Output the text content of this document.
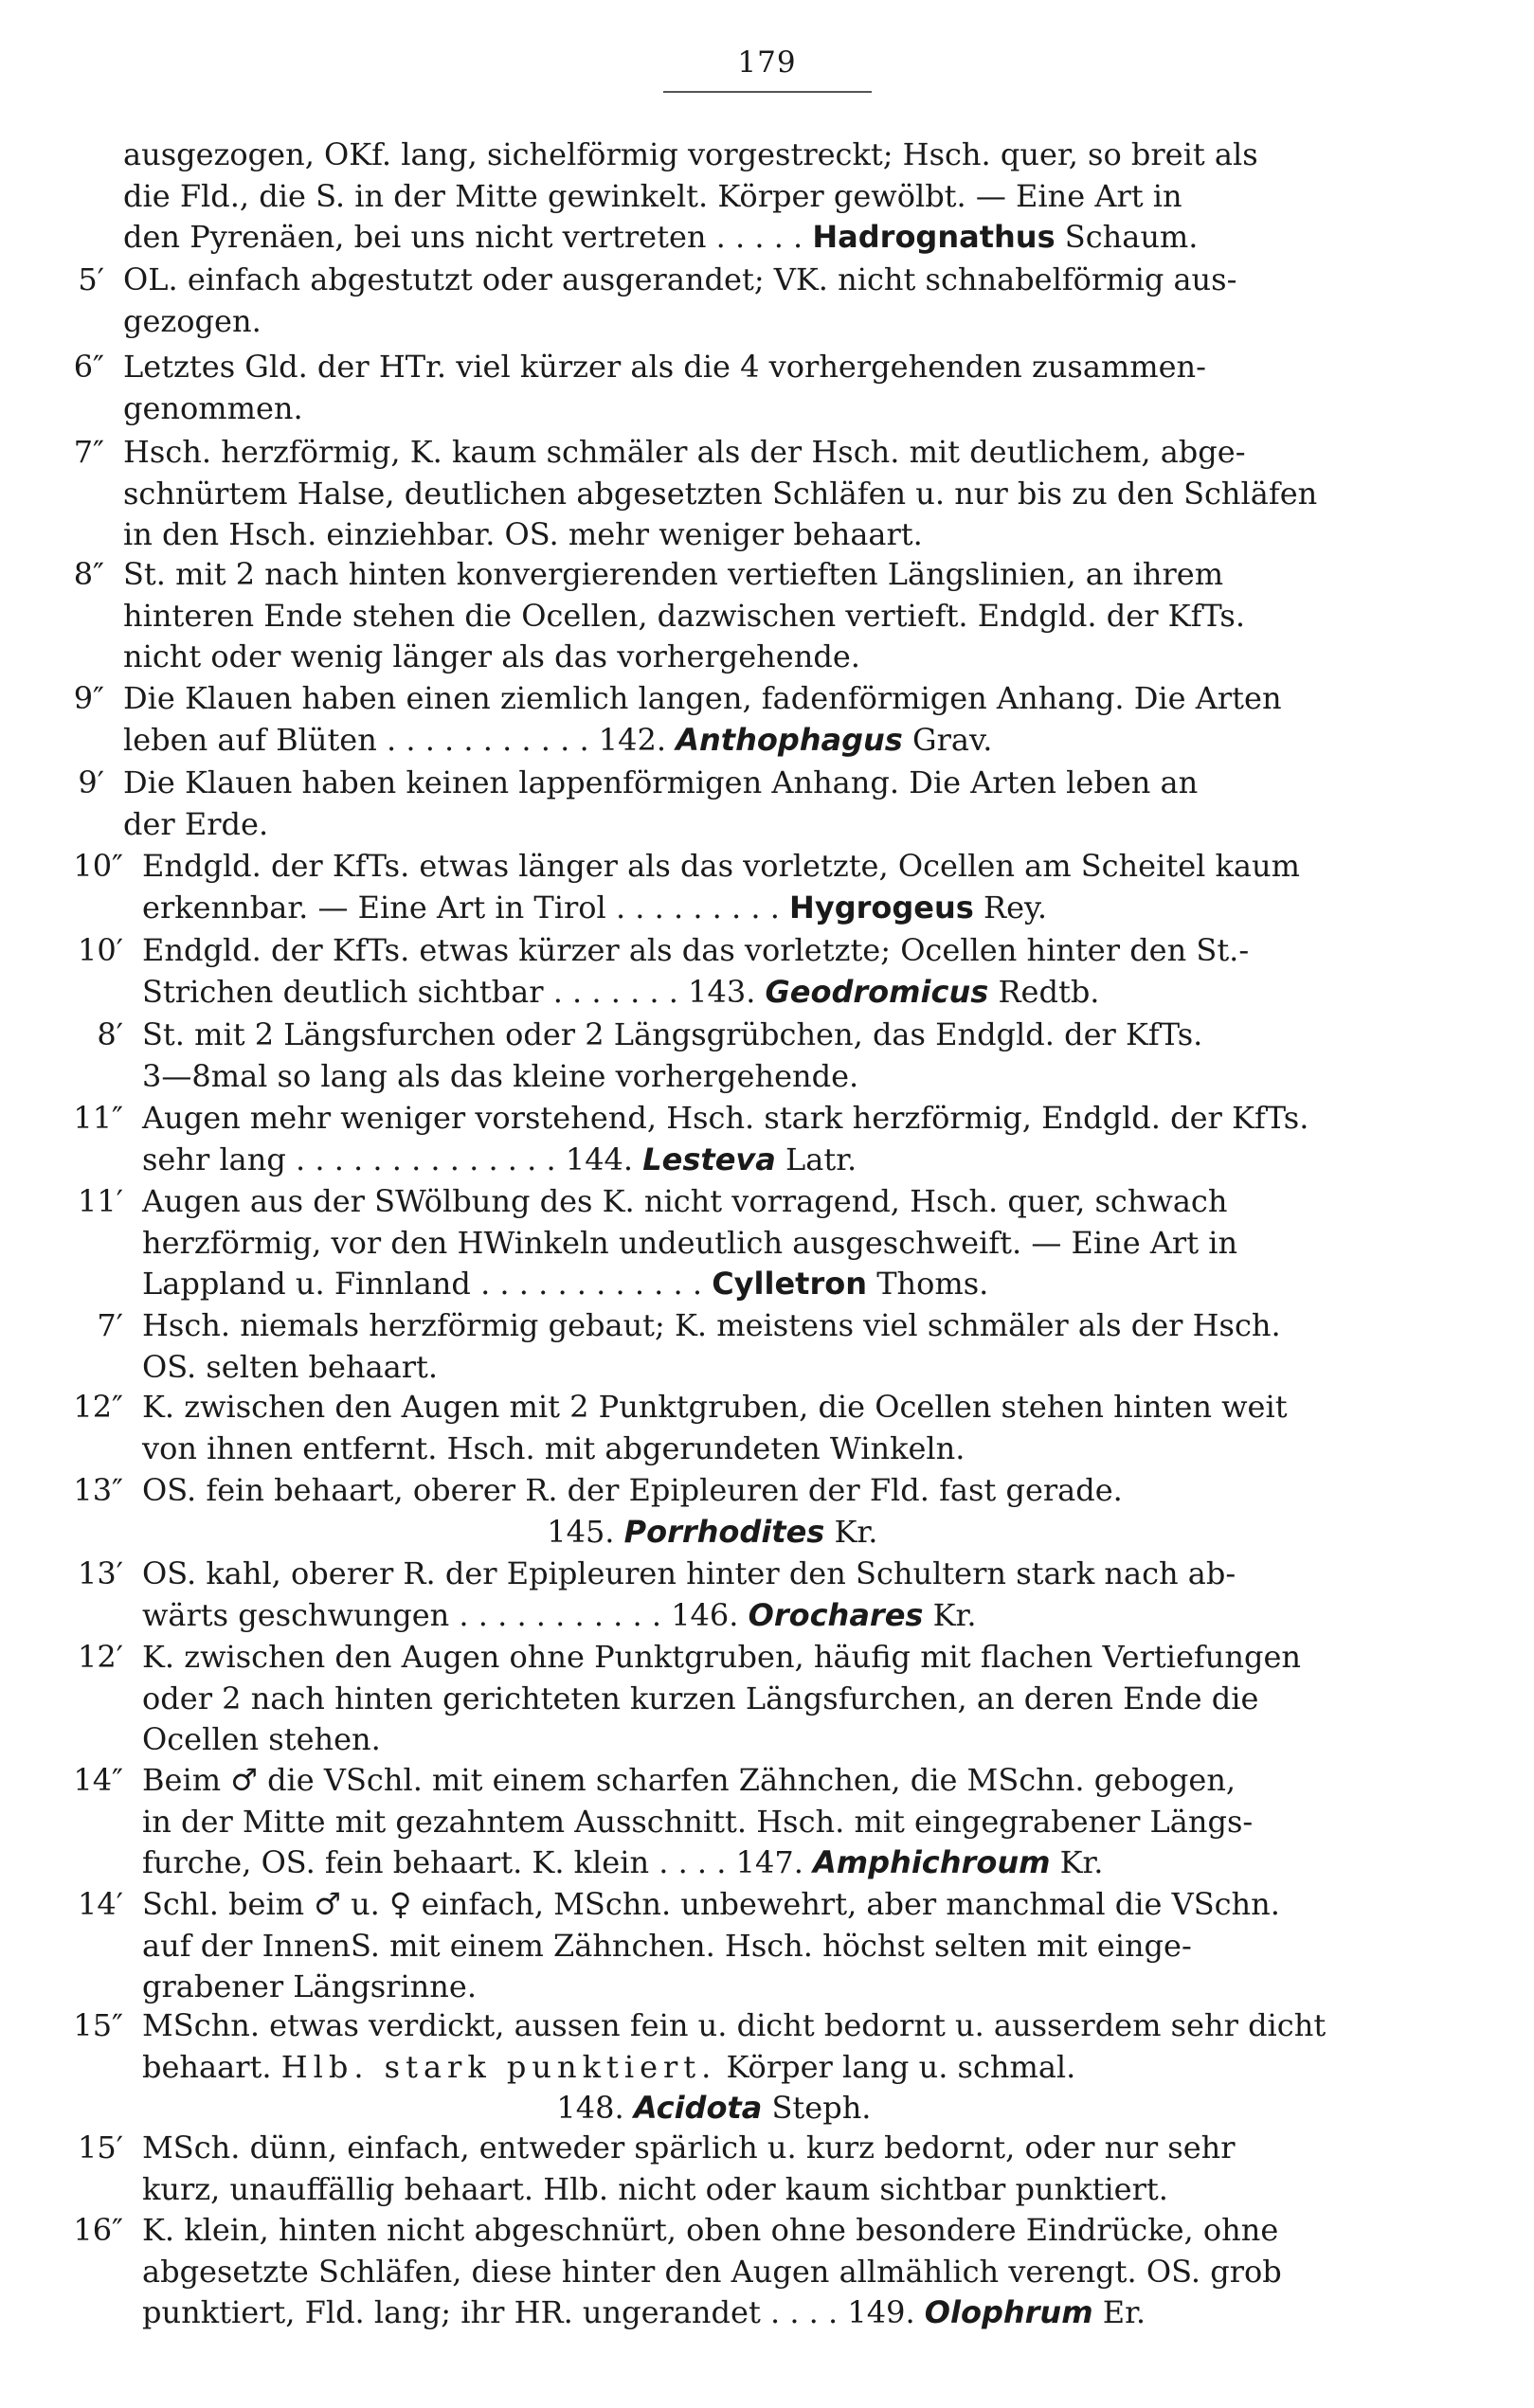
179
ausgezogen, OKf. lang, sichelförmig vorgestreckt; Hsch. quer, so breit als
die Fld., die S. in der Mitte gewinkelt. Körper gewölbt. — Eine Art in
den Pyrenäen, bei uns nicht vertreten . . . . . Hadrognathus Schaum.
5′ OL. einfach abgestutzt oder ausgerandet; VK. nicht schnabelförmig aus-
gezogen.
6″ Letztes Gld. der HTr. viel kürzer als die 4 vorhergehenden zusammen-
genommen.
7″ Hsch. herzförmig, K. kaum schmäler als der Hsch. mit deutlichem, abge-
schnürtem Halse, deutlichen abgesetzten Schläfen u. nur bis zu den Schläfen
in den Hsch. einziehbar. OS. mehr weniger behaart.
8″ St. mit 2 nach hinten konvergierenden vertieften Längslinien, an ihrem
hinteren Ende stehen die Ocellen, dazwischen vertieft. Endgld. der KfTs.
nicht oder wenig länger als das vorhergehende.
9″ Die Klauen haben einen ziemlich langen, fadenförmigen Anhang. Die Arten
leben auf Blüten . . . . . . . . . . . 142. Anthophagus Grav.
9′ Die Klauen haben keinen lappenförmigen Anhang. Die Arten leben an
der Erde.
10″ Endgld. der KfTs. etwas länger als das vorletzte, Ocellen am Scheitel kaum
erkennbar. — Eine Art in Tirol . . . . . . . . . Hygrogeus Rey.
10′ Endgld. der KfTs. etwas kürzer als das vorletzte; Ocellen hinter den St.-
Strichen deutlich sichtbar . . . . . . . 143. Geodromicus Redtb.
8′ St. mit 2 Längsfurchen oder 2 Längsgrübchen, das Endgld. der KfTs.
3—8mal so lang als das kleine vorhergehende.
11″ Augen mehr weniger vorstehend, Hsch. stark herzförmig, Endgld. der KfTs.
sehr lang . . . . . . . . . . . . . . 144. Lesteva Latr.
11′ Augen aus der SWölbung des K. nicht vorragend, Hsch. quer, schwach
herzförmig, vor den HWinkeln undeutlich ausgeschweift. — Eine Art in
Lappland u. Finnland . . . . . . . . . . . . Cylletron Thoms.
7′ Hsch. niemals herzförmig gebaut; K. meistens viel schmäler als der Hsch.
OS. selten behaart.
12″ K. zwischen den Augen mit 2 Punktgruben, die Ocellen stehen hinten weit
von ihnen entfernt. Hsch. mit abgerundeten Winkeln.
13″ OS. fein behaart, oberer R. der Epipleuren der Fld. fast gerade.
145. Porrhodites Kr.
13′ OS. kahl, oberer R. der Epipleuren hinter den Schultern stark nach ab-
wärts geschwungen . . . . . . . . . . . 146. Orochares Kr.
12′ K. zwischen den Augen ohne Punktgruben, häufig mit flachen Vertiefungen
oder 2 nach hinten gerichteten kurzen Längsfurchen, an deren Ende die
Ocellen stehen.
14″ Beim ♂ die VSchl. mit einem scharfen Zähnchen, die MSchn. gebogen,
in der Mitte mit gezahntem Ausschnitt. Hsch. mit eingegrabener Längs-
furche, OS. fein behaart. K. klein . . . . 147. Amphichroum Kr.
14′ Schl. beim ♂ u. ♀ einfach, MSchn. unbewehrt, aber manchmal die VSchn.
auf der InnenS. mit einem Zähnchen. Hsch. höchst selten mit einge-
grabener Längsrinne.
15″ MSchn. etwas verdickt, aussen fein u. dicht bedornt u. ausserdem sehr dicht
behaart. Hlb. stark punktiert. Körper lang u. schmal.
148. Acidota Steph.
15′ MSch. dünn, einfach, entweder spärlich u. kurz bedornt, oder nur sehr
kurz, unauffällig behaart. Hlb. nicht oder kaum sichtbar punktiert.
16″ K. klein, hinten nicht abgeschnürt, oben ohne besondere Eindrücke, ohne
abgesetzte Schläfen, diese hinter den Augen allmählich verengt. OS. grob
punktiert, Fld. lang; ihr HR. ungerandet . . . . 149. Olophrum Er.
